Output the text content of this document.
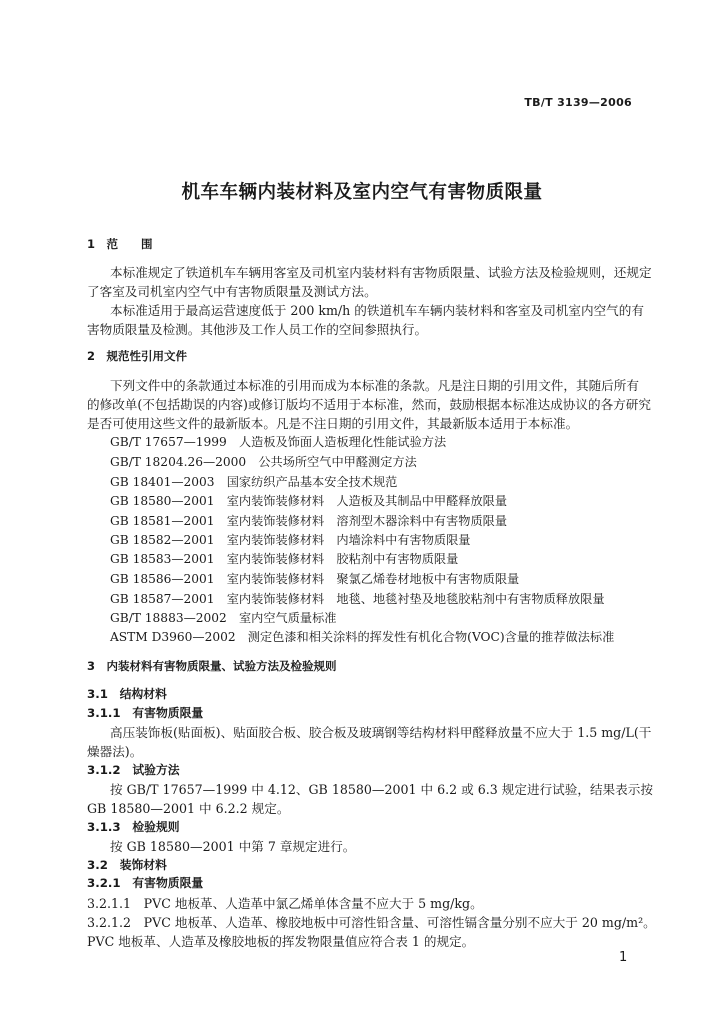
TB/T 3139—2006
机车车辆内装材料及室内空气有害物质限量
1　范　　围
本标准规定了铁道机车车辆用客室及司机室内装材料有害物质限量、试验方法及检验规则，还规定
了客室及司机室内空气中有害物质限量及测试方法。
本标准适用于最高运营速度低于 200 km/h 的铁道机车车辆内装材料和客室及司机室内空气的有
害物质限量及检测。其他涉及工作人员工作的空间参照执行。
2　规范性引用文件
下列文件中的条款通过本标准的引用而成为本标准的条款。凡是注日期的引用文件，其随后所有
的修改单(不包括勘误的内容)或修订版均不适用于本标准，然而，鼓励根据本标准达成协议的各方研究
是否可使用这些文件的最新版本。凡是不注日期的引用文件，其最新版本适用于本标准。
GB/T 17657—1999　人造板及饰面人造板理化性能试验方法
GB/T 18204.26—2000　公共场所空气中甲醛测定方法
GB 18401—2003　国家纺织产品基本安全技术规范
GB 18580—2001　室内装饰装修材料　人造板及其制品中甲醛释放限量
GB 18581—2001　室内装饰装修材料　溶剂型木器涂料中有害物质限量
GB 18582—2001　室内装饰装修材料　内墙涂料中有害物质限量
GB 18583—2001　室内装饰装修材料　胶粘剂中有害物质限量
GB 18586—2001　室内装饰装修材料　聚氯乙烯卷材地板中有害物质限量
GB 18587—2001　室内装饰装修材料　地毯、地毯衬垫及地毯胶粘剂中有害物质释放限量
GB/T 18883—2002　室内空气质量标准
ASTM D3960—2002　测定色漆和相关涂料的挥发性有机化合物(VOC)含量的推荐做法标准
3　内装材料有害物质限量、试验方法及检验规则
3.1　结构材料
3.1.1　有害物质限量
高压装饰板(贴面板)、贴面胶合板、胶合板及玻璃钢等结构材料甲醛释放量不应大于 1.5 mg/L(干
燥器法)。
3.1.2　试验方法
按 GB/T 17657—1999 中 4.12、GB 18580—2001 中 6.2 或 6.3 规定进行试验，结果表示按
GB 18580—2001 中 6.2.2 规定。
3.1.3　检验规则
按 GB 18580—2001 中第 7 章规定进行。
3.2　装饰材料
3.2.1　有害物质限量
3.2.1.1　PVC 地板革、人造革中氯乙烯单体含量不应大于 5 mg/kg。
3.2.1.2　PVC 地板革、人造革、橡胶地板中可溶性铅含量、可溶性镉含量分别不应大于 20 mg/m²。
PVC 地板革、人造革及橡胶地板的挥发物限量值应符合表 1 的规定。
1
